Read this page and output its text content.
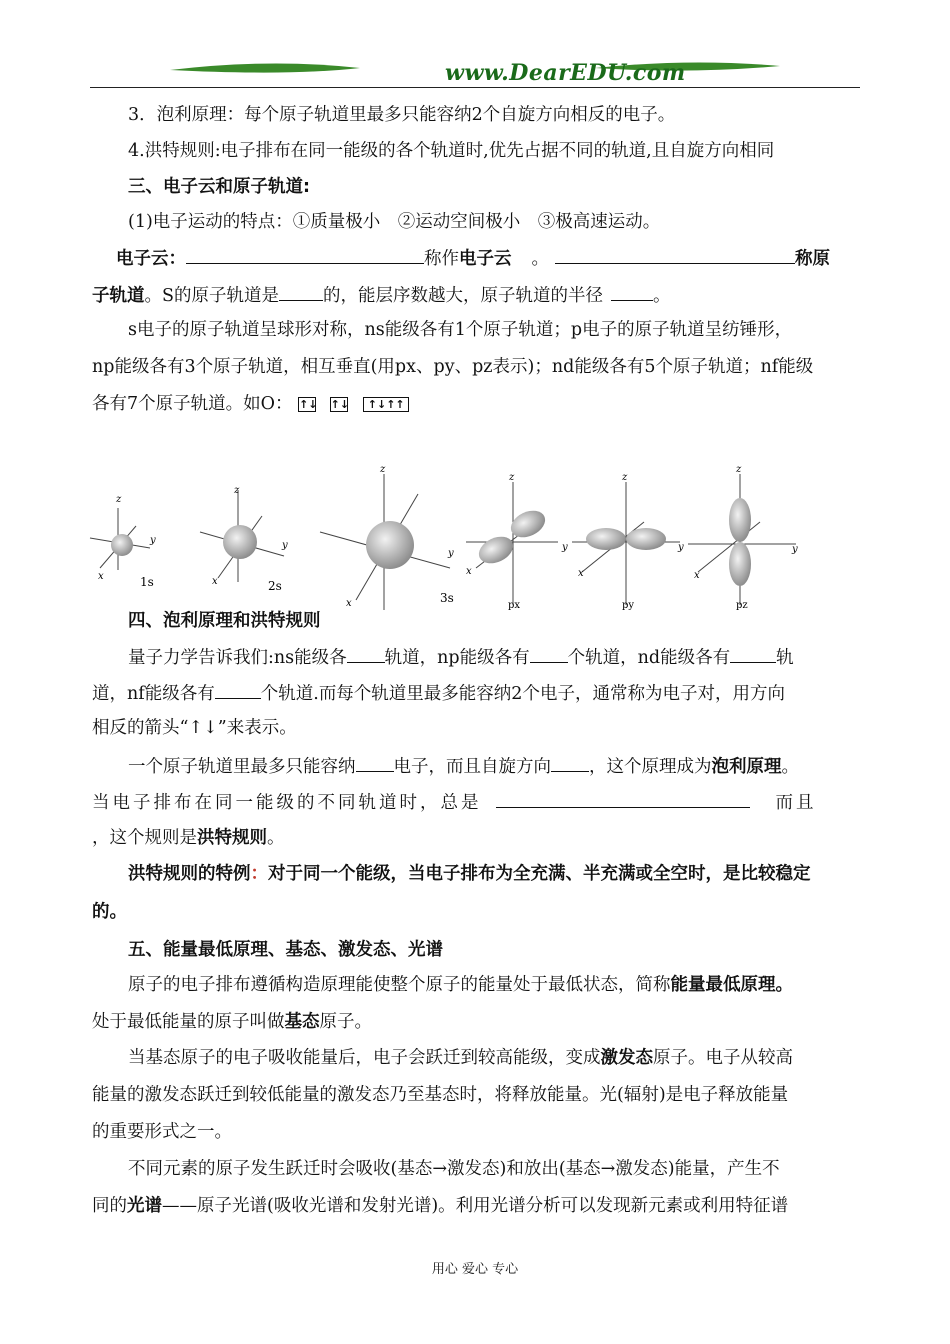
www.DearEDU.com
3．泡利原理：每个原子轨道里最多只能容纳2个自旋方向相反的电子。
4.洪特规则:电子排布在同一能级的各个轨道时,优先占据不同的轨道,且自旋方向相同
三、电子云和原子轨道:
(1)电子运动的特点：①质量极小　②运动空间极小　③极高速运动。
电子云：	称作电子云 。	称原
子轨道。S的原子轨道是	的，能层序数越大，原子轨道的半径	。
s电子的原子轨道呈球形对称，ns能级各有1个原子轨道；p电子的原子轨道呈纺锤形，
np能级各有3个原子轨道，相互垂直(用px、py、pz表示)；nd能级各有5个原子轨道；nf能级
各有7个原子轨道。如O： ↑↓ ↑↓ ↑↓↑↑
z
y
x	1s
z
y
x	2s
z
y
x	3s
z
y
x
px
z
y
x
py
z
y
x
pz
四、泡利原理和洪特规则
量子力学告诉我们:ns能级各 轨道，np能级各有 个轨道，nd能级各有	轨
道，nf能级各有	个轨道.而每个轨道里最多能容纳2个电子，通常称为电子对，用方向
相反的箭头“↑↓”来表示。
一个原子轨道里最多只能容纳 电子，而且自旋方向 ，这个原理成为泡利原理。
当电子排布在同一能级的不同轨道时，总是	而且
，这个规则是洪特规则。
洪特规则的特例：对于同一个能级，当电子排布为全充满、半充满或全空时，是比较稳定
的。
五、能量最低原理、基态、激发态、光谱
原子的电子排布遵循构造原理能使整个原子的能量处于最低状态，简称能量最低原理。
处于最低能量的原子叫做基态原子。
当基态原子的电子吸收能量后，电子会跃迁到较高能级，变成激发态原子。电子从较高
能量的激发态跃迁到较低能量的激发态乃至基态时，将释放能量。光(辐射)是电子释放能量
的重要形式之一。
不同元素的原子发生跃迁时会吸收(基态→激发态)和放出(基态→激发态)能量，产生不
同的光谱——原子光谱(吸收光谱和发射光谱)。利用光谱分析可以发现新元素或利用特征谱
用心 爱心 专心
